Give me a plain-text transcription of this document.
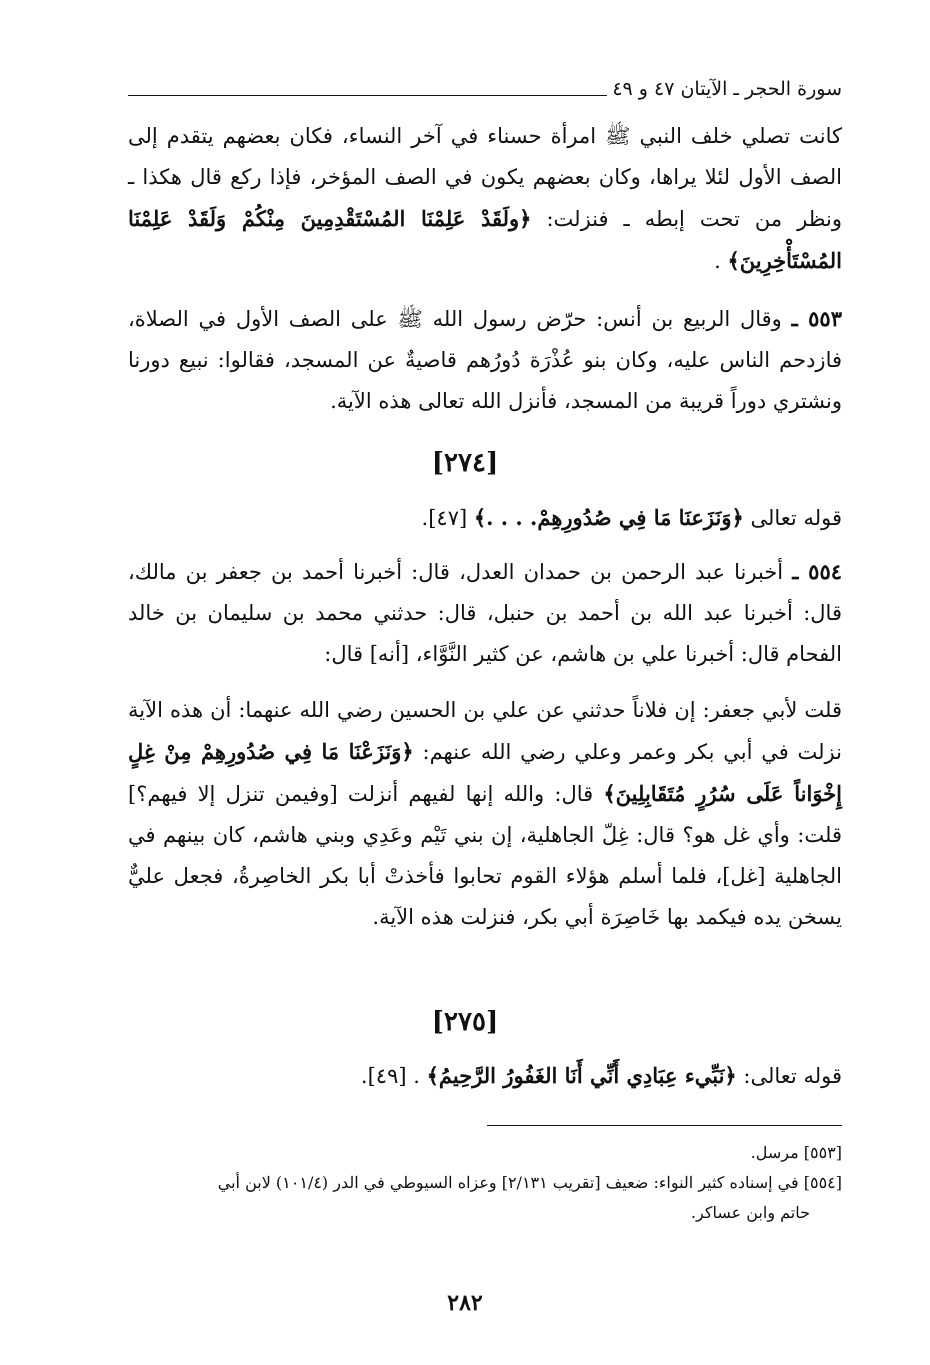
سورة الحجر ـ الآيتان ٤٧ و ٤٩

كانت تصلي خلف النبي ﷺ امرأة حسناء في آخر النساء، فكان بعضهم يتقدم إلى الصف الأول لئلا يراها، وكان بعضهم يكون في الصف المؤخر، فإذا ركع قال هكذا ـ ونظر من تحت إبطه ـ فنزلت: ﴿ولَقَدْ عَلِمْنَا المُسْتَقْدِمِينَ مِنْكُمْ وَلَقَدْ عَلِمْنَا المُسْتَأْخِرِينَ﴾ .

٥٥٣ ـ وقال الربيع بن أنس: حرّض رسول الله ﷺ على الصف الأول في الصلاة، فازدحم الناس عليه، وكان بنو عُذْرَة دُورُهم قاصيةٌ عن المسجد، فقالوا: نبيع دورنا ونشتري دوراً قريبة من المسجد، فأنزل الله تعالى هذه الآية.

[٢٧٤]

قوله تعالى ﴿وَنَزَعنَا مَا فِي صُدُورِهِمْ. . . .﴾ [٤٧].

٥٥٤ ـ أخبرنا عبد الرحمن بن حمدان العدل، قال: أخبرنا أحمد بن جعفر بن مالك، قال: أخبرنا عبد الله بن أحمد بن حنبل، قال: حدثني محمد بن سليمان بن خالد الفحام قال: أخبرنا علي بن هاشم، عن كثير النَّوَّاء، [أنه] قال:

قلت لأبي جعفر: إن فلاناً حدثني عن علي بن الحسين رضي الله عنهما: أن هذه الآية نزلت في أبي بكر وعمر وعلي رضي الله عنهم: ﴿وَنَزَعْنَا مَا فِي صُدُورِهِمْ مِنْ غِلٍ إِخْوَاناً عَلَى سُرُرٍ مُتَقَابِلِينَ﴾ قال: والله إنها لفيهم أنزلت [وفيمن تنزل إلا فيهم؟] قلت: وأي غل هو؟ قال: غِلّ الجاهلية، إن بني تَيْم وعَدِي وبني هاشم، كان بينهم في الجاهلية [غل]، فلما أسلم هؤلاء القوم تحابوا فأخذتْ أبا بكر الخاصِرةُ، فجعل عليٌّ يسخن يده فيكمد بها خَاصِرَة أبي بكر، فنزلت هذه الآية.

[٢٧٥]

قوله تعالى: ﴿نَبِّيء عِبَادِي أَنِّي أَنَا الغَفُورُ الرَّحِيمُ﴾ . [٤٩].

[٥٥٣] مرسل.

[٥٥٤] في إسناده كثير النواء: ضعيف [تقريب ٢/١٣١] وعزاه السيوطي في الدر (١٠١/٤) لابن أبي

حاتم وابن عساكر.

٢٨٢
